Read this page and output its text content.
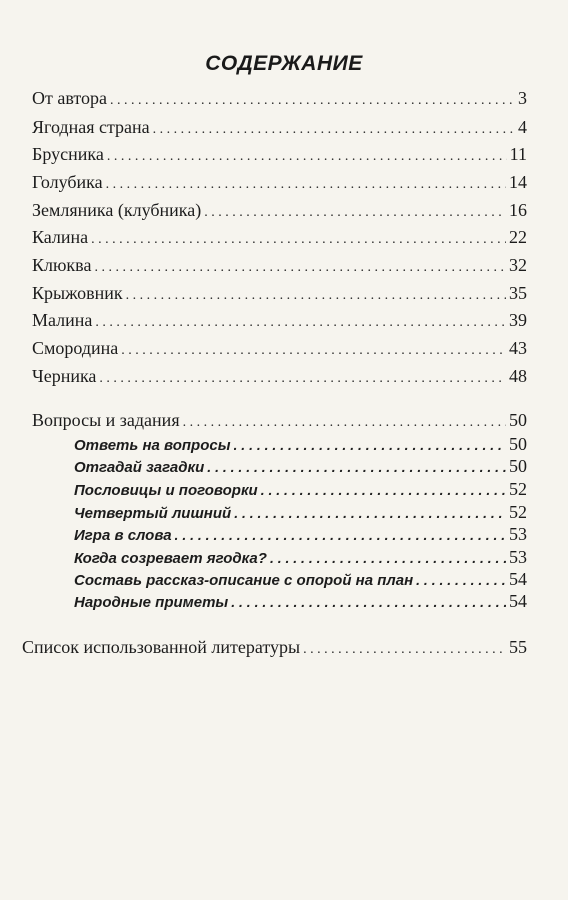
СОДЕРЖАНИЕ
От автора . . .	3
Ягодная страна . . .	4
Брусника . . .	11
Голубика . . .	14
Земляника (клубника) . . .	16
Калина . . .	22
Клюква . . .	32
Крыжовник . . .	35
Малина . . .	39
Смородина . . .	43
Черника . . .	48
Вопросы и задания . . .	50
Ответь на вопросы . . .	50
Отгадай загадки . . .	50
Пословицы и поговорки . . .	52
Четвертый лишний . . .	52
Игра в слова . . .	53
Когда созревает ягодка? . . .	53
Составь рассказ-описание с опорой на план . . .	54
Народные приметы . . .	54
Список использованной литературы . . .	55
